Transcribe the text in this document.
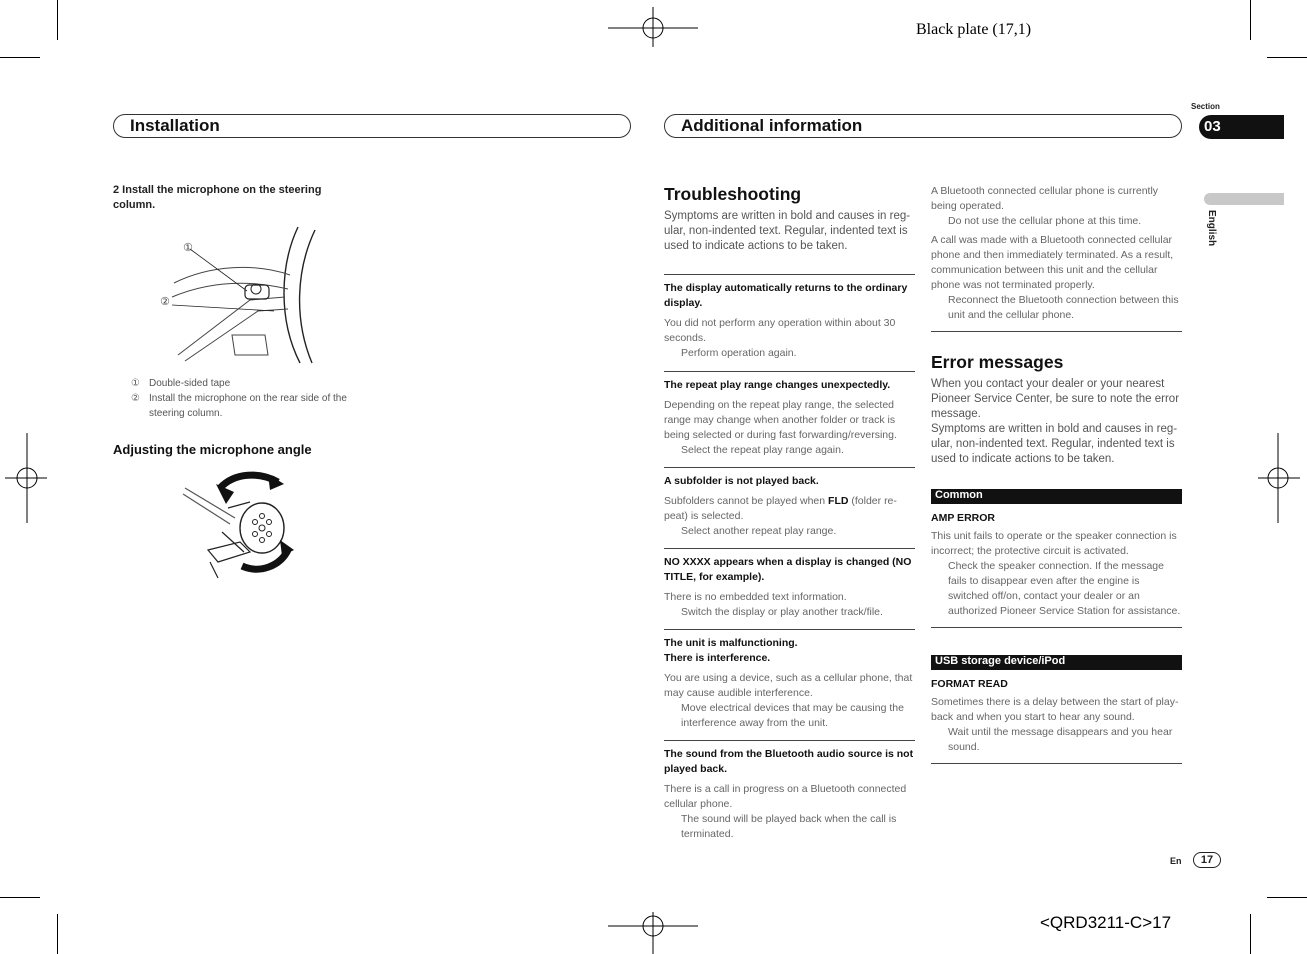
Black plate (17,1)
Installation	Additional information
Section
03
English
2 Install the microphone on the steering
column.
①
②
① Double-sided tape
② Install the microphone on the rear side of the steering column.
Adjusting the microphone angle
Troubleshooting
Symptoms are written in bold and causes in reg-ular, non-indented text. Regular, indented text is used to indicate actions to be taken.
The display automatically returns to the ordinary display.
You did not perform any operation within about 30 seconds.
Perform operation again.
The repeat play range changes unexpectedly.
Depending on the repeat play range, the selected range may change when another folder or track is being selected or during fast forwarding/reversing.
Select the repeat play range again.
A subfolder is not played back.
Subfolders cannot be played when FLD (folder re-peat) is selected.
Select another repeat play range.
NO XXXX appears when a display is changed (NO TITLE, for example).
There is no embedded text information.
Switch the display or play another track/file.
The unit is malfunctioning.
There is interference.
You are using a device, such as a cellular phone, that may cause audible interference.
Move electrical devices that may be causing the interference away from the unit.
The sound from the Bluetooth audio source is not played back.
There is a call in progress on a Bluetooth connected cellular phone.
The sound will be played back when the call is terminated.
A Bluetooth connected cellular phone is currently being operated.
Do not use the cellular phone at this time.
A call was made with a Bluetooth connected cellular phone and then immediately terminated. As a result, communication between this unit and the cellular phone was not terminated properly.
Reconnect the Bluetooth connection between this unit and the cellular phone.
Error messages
When you contact your dealer or your nearest Pioneer Service Center, be sure to note the error message.
Symptoms are written in bold and causes in reg-ular, non-indented text. Regular, indented text is used to indicate actions to be taken.
Common
AMP ERROR
This unit fails to operate or the speaker connection is incorrect; the protective circuit is activated.
Check the speaker connection. If the message fails to disappear even after the engine is switched off/on, contact your dealer or an authorized Pioneer Service Station for assistance.
USB storage device/iPod
FORMAT READ
Sometimes there is a delay between the start of play-back and when you start to hear any sound.
Wait until the message disappears and you hear sound.
En	17
<QRD3211-C>17
